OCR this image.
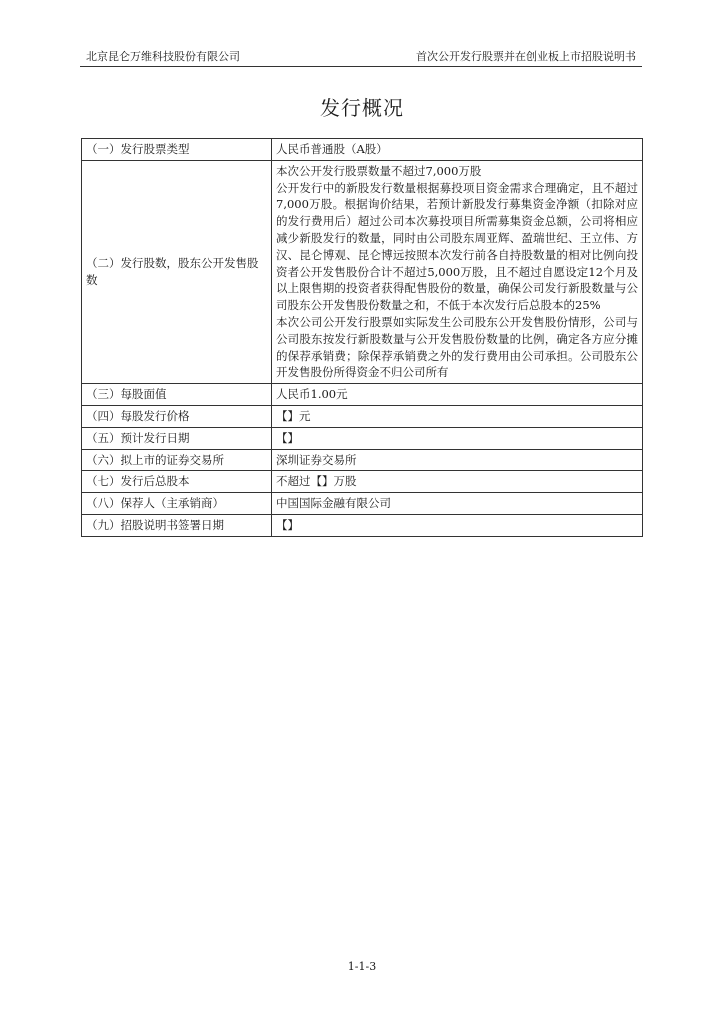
北京昆仑万维科技股份有限公司	首次公开发行股票并在创业板上市招股说明书
发行概况
（一）发行股票类型	人民币普通股（A股）
（二）发行股数，股东公开发售股数	本次公开发行股票数量不超过7,000万股
公开发行中的新股发行数量根据募投项目资金需求合理确定，且不超过7,000万股。根据询价结果，若预计新股发行募集资金净额（扣除对应的发行费用后）超过公司本次募投项目所需募集资金总额，公司将相应减少新股发行的数量，同时由公司股东周亚辉、盈瑞世纪、王立伟、方汉、昆仑博观、昆仑博远按照本次发行前各自持股数量的相对比例向投资者公开发售股份合计不超过5,000万股，且不超过自愿设定12个月及以上限售期的投资者获得配售股份的数量，确保公司发行新股数量与公司股东公开发售股份数量之和，不低于本次发行后总股本的25%
本次公司公开发行股票如实际发生公司股东公开发售股份情形，公司与公司股东按发行新股数量与公开发售股份数量的比例，确定各方应分摊的保荐承销费；除保荐承销费之外的发行费用由公司承担。公司股东公开发售股份所得资金不归公司所有

（三）每股面值	人民币1.00元
（四）每股发行价格	【】元
（五）预计发行日期	【】
（六）拟上市的证券交易所	深圳证券交易所
（七）发行后总股本	不超过【】万股
（八）保荐人（主承销商）	中国国际金融有限公司
（九）招股说明书签署日期	【】
1-1-3
